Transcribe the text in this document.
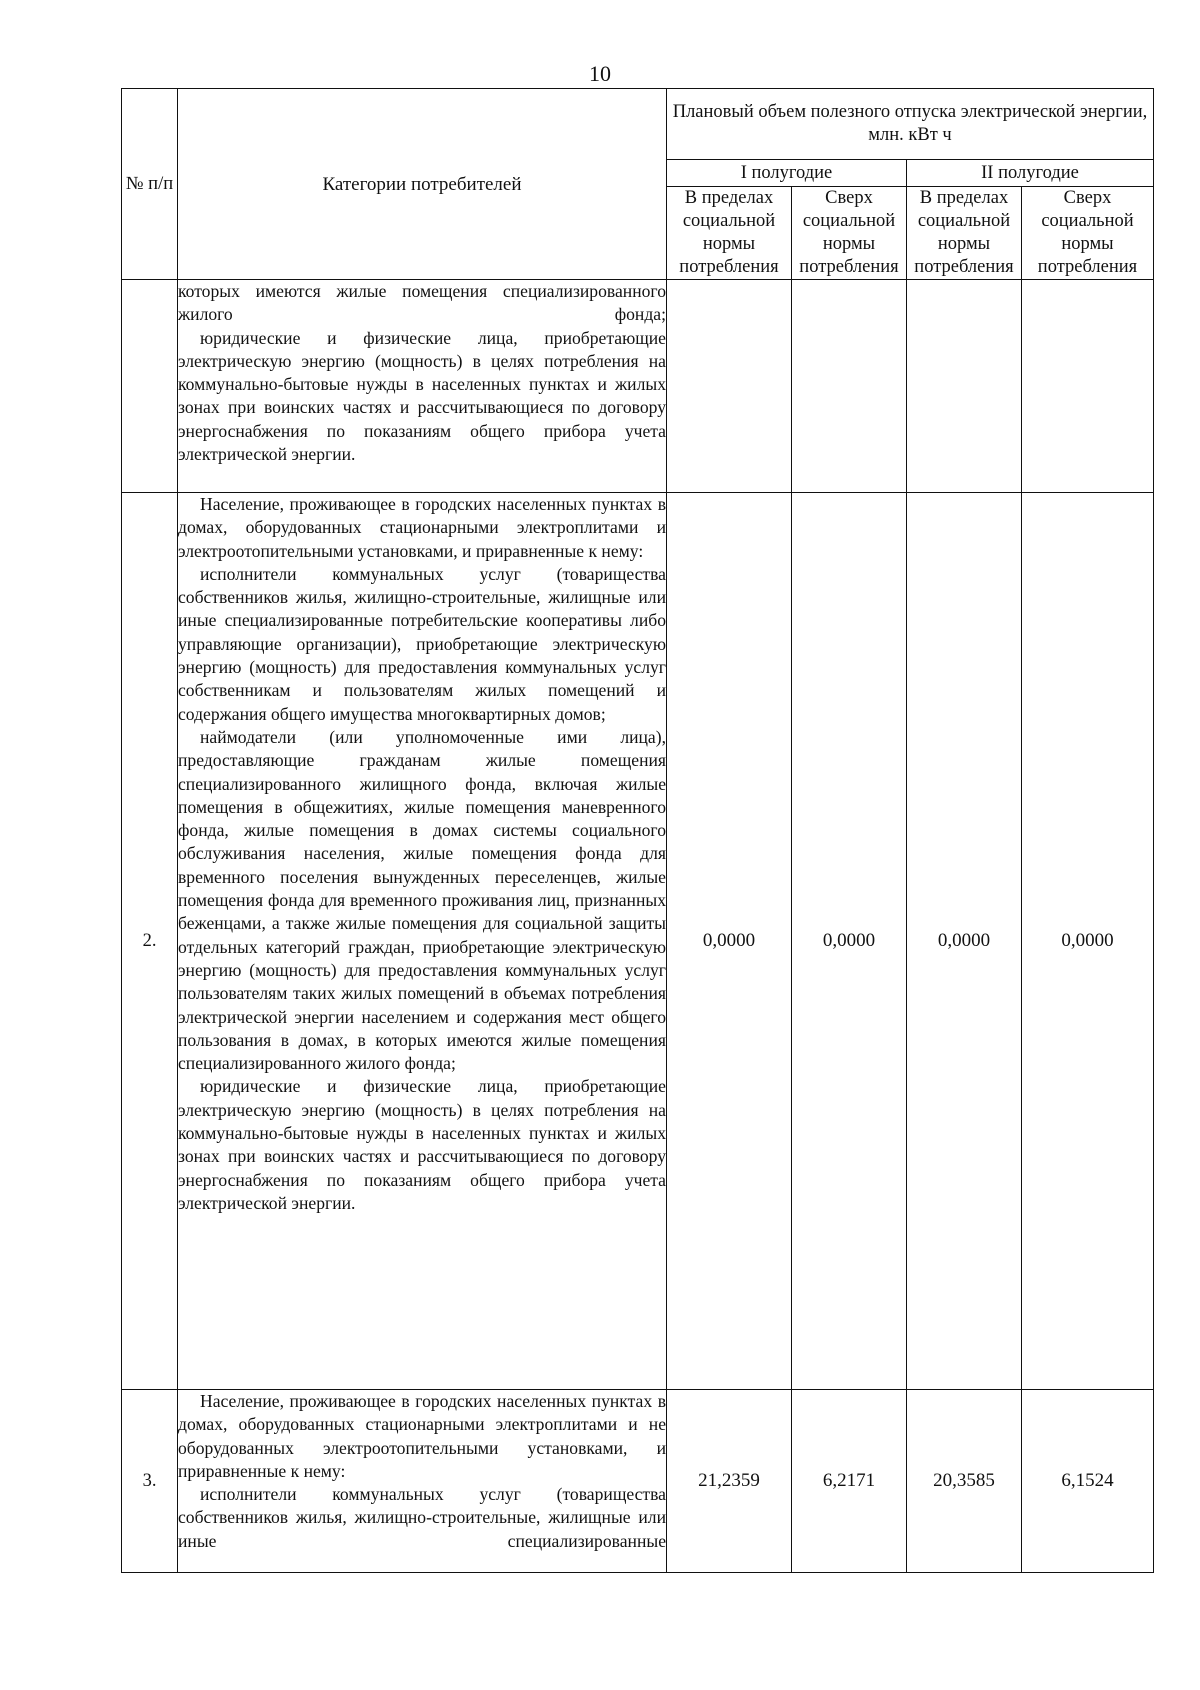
10
№ п/п	Категории потребителей	Плановый объем полезного отпуска электрической энергии, млн. кВт ч			
		I полугодие		II полугодие	
		В пределах социальной нормы потребления	Сверх социальной нормы потребления	В пределах социальной нормы потребления	Сверх социальной нормы потребления

	которых имеются жилые помещения специализированного жилого фонда;

юридические и физические лица, приобретающие электрическую энергию (мощность) в целях потребления на коммунально-бытовые нужды в населенных пунктах и жилых зонах при воинских частях и рассчитывающиеся по договору энергоснабжения по показаниям общего прибора учета электрической энергии.				

2.	Население, проживающее в городских населенных пунктах в домах, оборудованных стационарными электроплитами и электроотопительными установками, и приравненные к нему:

исполнители коммунальных услуг (товарищества собственников жилья, жилищно-строительные, жилищные или иные специализированные потребительские кооперативы либо управляющие организации), приобретающие электрическую энергию (мощность) для предоставления коммунальных услуг собственникам и пользователям жилых помещений и содержания общего имущества многоквартирных домов;

наймодатели (или уполномоченные ими лица), предоставляющие гражданам жилые помещения специализированного жилищного фонда, включая жилые помещения в общежитиях, жилые помещения маневренного фонда, жилые помещения в домах системы социального обслуживания населения, жилые помещения фонда для временного поселения вынужденных переселенцев, жилые помещения фонда для временного проживания лиц, признанных беженцами, а также жилые помещения для социальной защиты отдельных категорий граждан, приобретающие электрическую энергию (мощность) для предоставления коммунальных услуг пользователям таких жилых помещений в объемах потребления электрической энергии населением и содержания мест общего пользования в домах, в которых имеются жилые помещения специализированного жилого фонда;

юридические и физические лица, приобретающие электрическую энергию (мощность) в целях потребления на коммунально-бытовые нужды в населенных пунктах и жилых зонах при воинских частях и рассчитывающиеся по договору энергоснабжения по показаниям общего прибора учета электрической энергии.	0,0000	0,0000	0,0000	0,0000
3.	Население, проживающее в городских населенных пунктах в домах, оборудованных стационарными электроплитами и не оборудованных электроотопительными установками, и приравненные к нему:

исполнители коммунальных услуг (товарищества собственников жилья, жилищно-строительные, жилищные или иные специализированные	21,2359	6,2171	20,3585	6,1524
